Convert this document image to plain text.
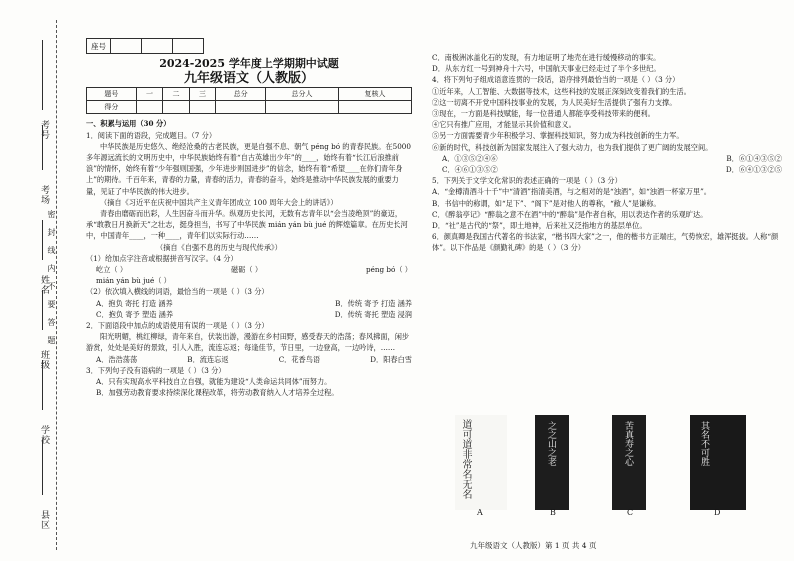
考号
考场
姓名
班级
学校
县区
密封线内不要答题
座号			

2024-2025 学年度上学期期中试题

九年级语文（人教版）

题号	一	二	三	总分	总分人	复核人
得分						

一、积累与运用（30 分）

1．阅读下面的语段，完成题目。（7 分）

中华民族是历史悠久、绝经沧桑的古老民族，更是自强不息、朝气 péng bó 的青春民族。在5000 多年源远流长的文明历史中，中华民族始终有着“自古英雄出少年”的____，始终有着“长江后浪推前浪”的情怀，始终有着“少年强则国强，少年进步则国进步”的信念，始终有着“希望____在你们青年身上”的期待。千百年来，青春的力量，青春的活力，青春的奋斗，始终是推动中华民族发展的重要力量，见证了中华民族的伟大进步。

（摘自《习近平在庆祝中国共产主义青年团成立 100 周年大会上的讲话》）

青春由磨砺而出彩，人生因奋斗而升华。纵观历史长河，无数有志青年以“会当凌绝顶”的豪迈，承“敢教日月换新天”之壮志，挺身担当，书写了中华民族 mián yán bù jué 的辉煌篇章。在历史长河中，中国青年____，一种____，青年们以实际行动……

（摘自《自强不息的历史与现代传承》）

（1）给加点字注音或根据拼音写汉字。（4 分）

屹立（ ）	磁砺（ ）	péng bó（ ）
mián yán bù jué（ ）

（2）依次填入横线的词语，最恰当的一项是（ ）（3 分）

A．抱负 寄托 打造 涵养	B．传统 寄予 打造 涵养
C．抱负 寄予 塑造 涵养	D．传统 寄托 塑造 浸润

2．下面语段中加点的成语使用有误的一项是（ ）（3 分）

阳光明媚，桃红柳绿，青年来自，伏装出游，漫游在乡村田野，感受春天的浩荡；春风拂面，闲步游赏，处处是美好的景致，引人入胜，流连忘返；每逢佳节，节日里，一边登高，一边吟诗，……

A．浩浩荡荡	B．流连忘返	C．花香鸟语	D．阳春白雪

3．下列句子没有语病的一项是（ ）（3 分）

A．只有实现高水平科技自立自强，就能为建设“人类命运共同体”而努力。

B．加强劳动教育要求持续深化课程改革，将劳动教育纳入人才培养全过程。

C．南极洲冰盖化石的发现，有力地证明了地壳在进行缓慢移动的事实。

D．从东方红一号到神舟十六号，中国航天事业已经走过了半个多世纪。

4．将下列句子组成语意连贯的一段话，语序排列最恰当的一项是（ ）（3 分）

①近年来，人工智能、大数据等技术，这些科技的发展正深刻改变着我们的生活。

②这一切离不开党中国科技事业的发展，为人民美好生活提供了强有力支撑。

③现在，一方面是科技赋能，每一位普通人都能享受科技带来的便利。

④它只有推广应用，才能显示其价值和意义。

⑤另一方面需要青少年积极学习、掌握科技知识，努力成为科技创新的生力军。

⑥新的时代，科技创新为国家发展注入了强大动力，也为我们提供了更广阔的发展空间。

A．①③⑤②④⑥	B．⑥①④③⑤②
C．④⑥①③⑤②	D．⑥④①③②⑤

5．下列关于文学文化常识的表述正确的一项是（ ）（3 分）

A．“金樽清酒斗十千”中“清酒”指清美酒，与之相对的是“浊酒”，如“浊酒一杯家万里”。

B．书信中的称谓，如“足下”、“阁下”是对他人的尊称，“敝人”是谦称。

C．《醉翁亭记》“醉翁之意不在酒”中的“醉翁”是作者自称，用以表达作者的乐观旷达。

D．“社”是古代的“祭”，即土地神，后来社又泛指地方的基层单位。

6．颜真卿是我国古代著名的书法家，“楷书四大家”之一，他的楷书方正端庄，气势恢宏，雄浑挺拔。人称“颜体”。以下作品是《颜勤礼碑》的是（ ）（3 分）

道可道非常名无名	之之山之老	苦真寿之心	其名不可胜
A	B	C	D
九年级语文（人教版）第 1 页 共 4 页
